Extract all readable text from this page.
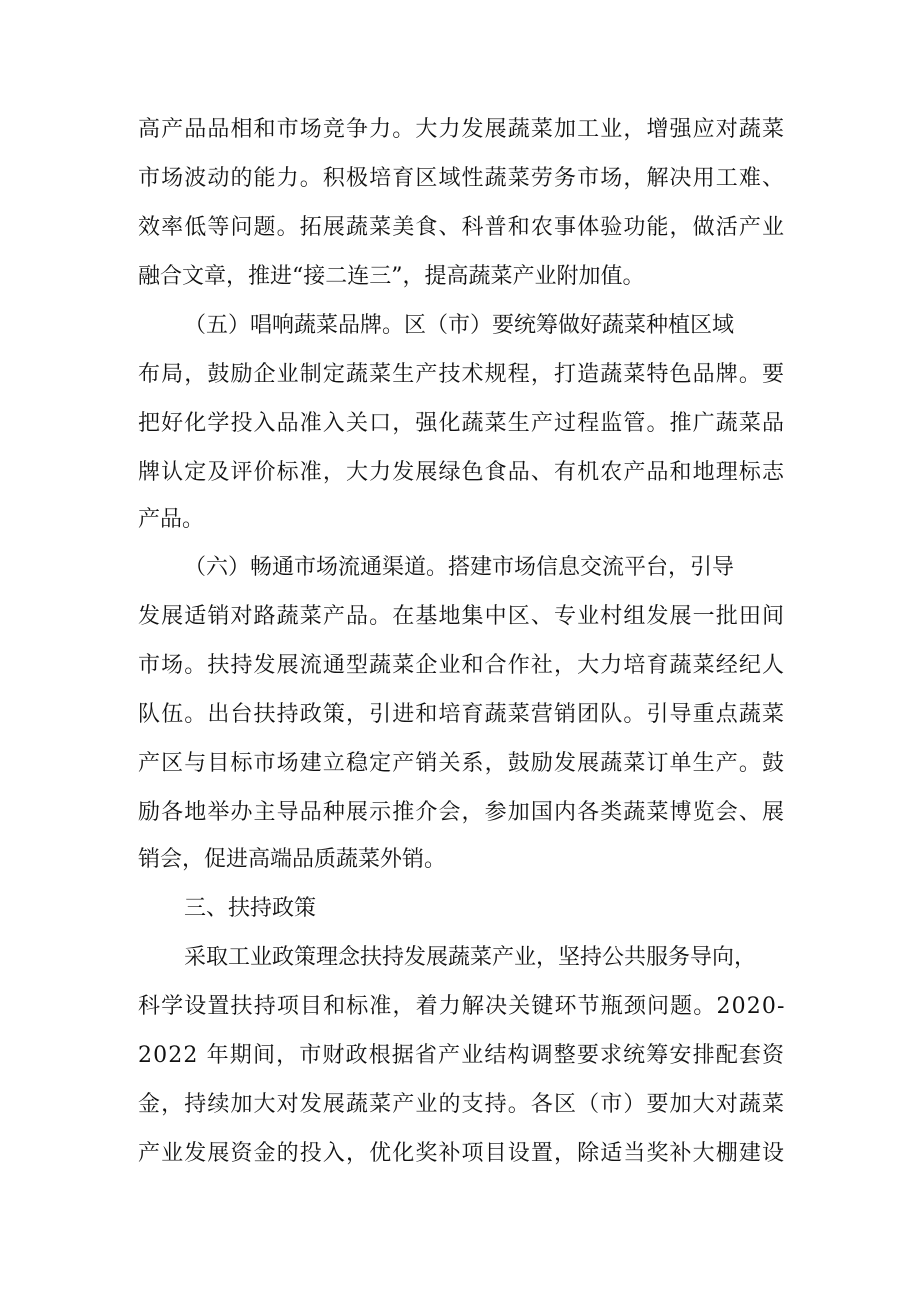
高产品品相和市场竞争力。大力发展蔬菜加工业，增强应对蔬菜
市场波动的能力。积极培育区域性蔬菜劳务市场，解决用工难、
效率低等问题。拓展蔬菜美食、科普和农事体验功能，做活产业
融合文章，推进“接二连三”，提高蔬菜产业附加值。
（五）唱响蔬菜品牌。区（市）要统筹做好蔬菜种植区域
布局，鼓励企业制定蔬菜生产技术规程，打造蔬菜特色品牌。要
把好化学投入品准入关口，强化蔬菜生产过程监管。推广蔬菜品
牌认定及评价标准，大力发展绿色食品、有机农产品和地理标志
产品。
（六）畅通市场流通渠道。搭建市场信息交流平台，引导
发展适销对路蔬菜产品。在基地集中区、专业村组发展一批田间
市场。扶持发展流通型蔬菜企业和合作社，大力培育蔬菜经纪人
队伍。出台扶持政策，引进和培育蔬菜营销团队。引导重点蔬菜
产区与目标市场建立稳定产销关系，鼓励发展蔬菜订单生产。鼓
励各地举办主导品种展示推介会，参加国内各类蔬菜博览会、展
销会，促进高端品质蔬菜外销。
三、扶持政策
采取工业政策理念扶持发展蔬菜产业，坚持公共服务导向，
科学设置扶持项目和标准，着力解决关键环节瓶颈问题。2020-
2022 年期间，市财政根据省产业结构调整要求统筹安排配套资
金，持续加大对发展蔬菜产业的支持。各区（市）要加大对蔬菜
产业发展资金的投入，优化奖补项目设置，除适当奖补大棚建设
